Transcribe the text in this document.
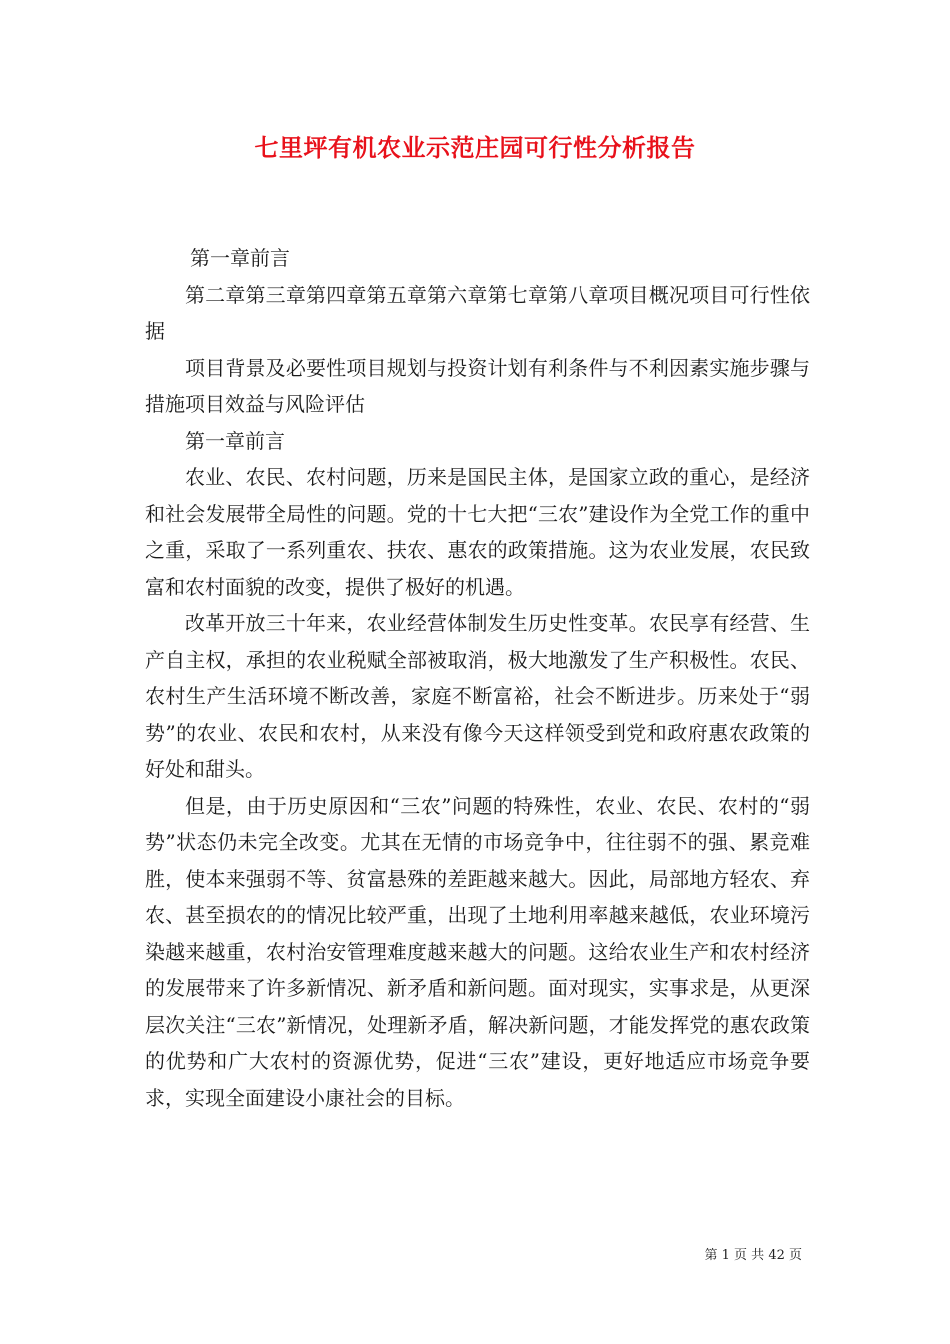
七里坪有机农业示范庄园可行性分析报告

第一章前言

第二章第三章第四章第五章第六章第七章第八章项目概况项目可行性依据

项目背景及必要性项目规划与投资计划有利条件与不利因素实施步骤与措施项目效益与风险评估

第一章前言

农业、农民、农村问题，历来是国民主体，是国家立政的重心，是经济和社会发展带全局性的问题。党的十七大把“三农”建设作为全党工作的重中之重，采取了一系列重农、扶农、惠农的政策措施。这为农业发展，农民致富和农村面貌的改变，提供了极好的机遇。

改革开放三十年来，农业经营体制发生历史性变革。农民享有经营、生产自主权，承担的农业税赋全部被取消，极大地激发了生产积极性。农民、农村生产生活环境不断改善，家庭不断富裕，社会不断进步。历来处于“弱势”的农业、农民和农村，从来没有像今天这样领受到党和政府惠农政策的好处和甜头。

但是，由于历史原因和“三农”问题的特殊性，农业、农民、农村的“弱势”状态仍未完全改变。尤其在无情的市场竞争中，往往弱不的强、累竞难胜，使本来强弱不等、贫富悬殊的差距越来越大。因此，局部地方轻农、弃农、甚至损农的的情况比较严重，出现了土地利用率越来越低，农业环境污染越来越重，农村治安管理难度越来越大的问题。这给农业生产和农村经济的发展带来了许多新情况、新矛盾和新问题。面对现实，实事求是，从更深层次关注“三农”新情况，处理新矛盾，解决新问题，才能发挥党的惠农政策的优势和广大农村的资源优势，促进“三农”建设，更好地适应市场竞争要求，实现全面建设小康社会的目标。

第 1 页 共 42 页
